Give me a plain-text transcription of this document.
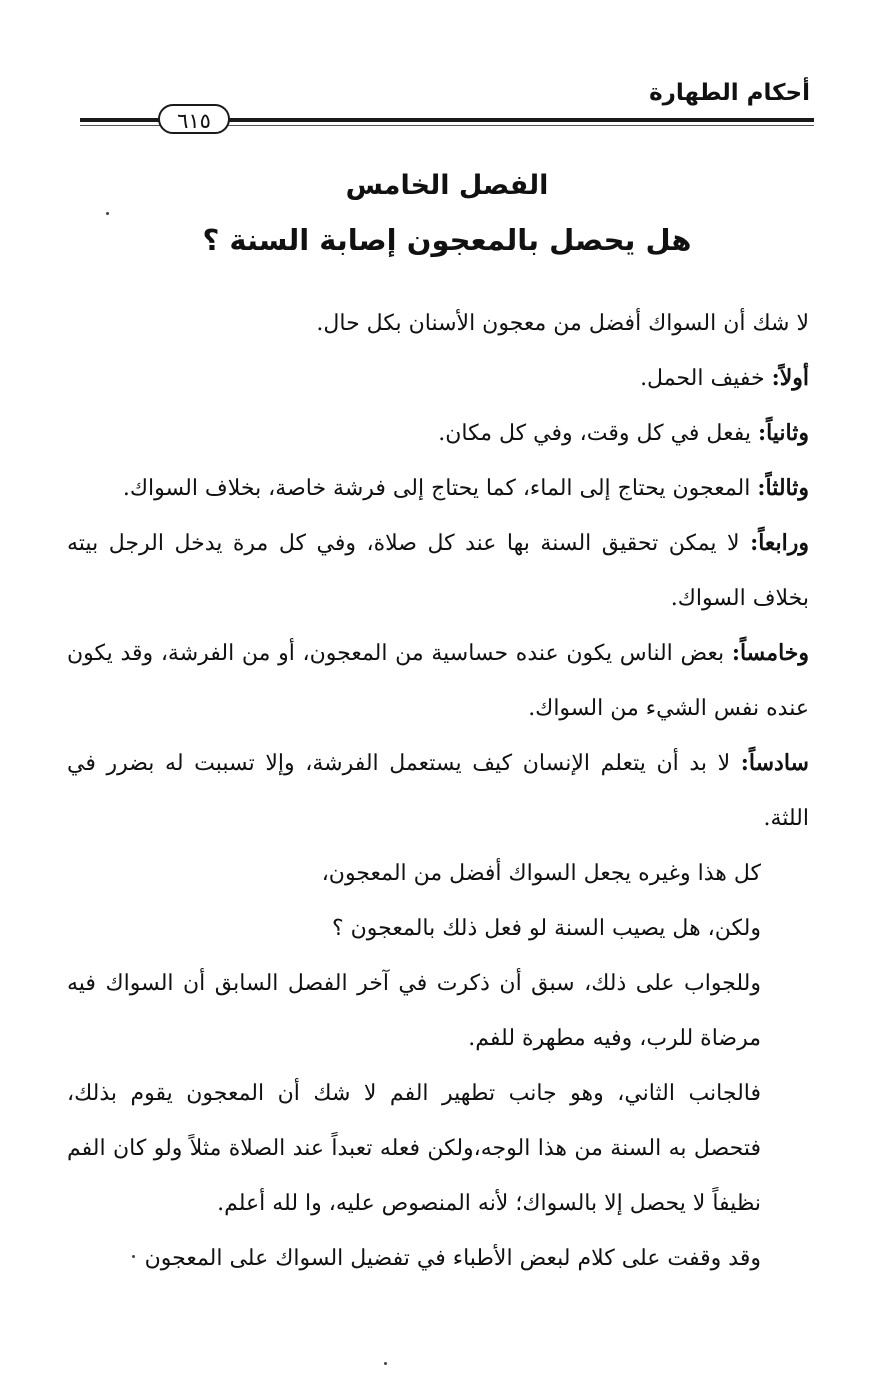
أحكام الطهارة
٦١٥
الفصل الخامس
هل يحصل بالمعجون إصابة السنة ؟

لا شك أن السواك أفضل من معجون الأسنان بكل حال.

أولاً: خفيف الحمل.

وثانياً: يفعل في كل وقت، وفي كل مكان.

وثالثاً: المعجون يحتاج إلى الماء، كما يحتاج إلى فرشة خاصة، بخلاف السواك.

ورابعاً: لا يمكن تحقيق السنة بها عند كل صلاة، وفي كل مرة يدخل الرجل بيته بخلاف السواك.

وخامساً: بعض الناس يكون عنده حساسية من المعجون، أو من الفرشة، وقد يكون عنده نفس الشيء من السواك.

سادساً: لا بد أن يتعلم الإنسان كيف يستعمل الفرشة، وإلا تسببت له بضرر في اللثة.

كل هذا وغيره يجعل السواك أفضل من المعجون،

ولكن، هل يصيب السنة لو فعل ذلك بالمعجون ؟

وللجواب على ذلك، سبق أن ذكرت في آخر الفصل السابق أن السواك فيه مرضاة للرب، وفيه مطهرة للفم.

فالجانب الثاني، وهو جانب تطهير الفم لا شك أن المعجون يقوم بذلك، فتحصل به السنة من هذا الوجه،ولكن فعله تعبداً عند الصلاة مثلاً ولو كان الفم نظيفاً لا يحصل إلا بالسواك؛ لأنه المنصوص عليه، وا لله أعلم.

وقد وقفت على كلام لبعض الأطباء في تفضيل السواك على المعجون
